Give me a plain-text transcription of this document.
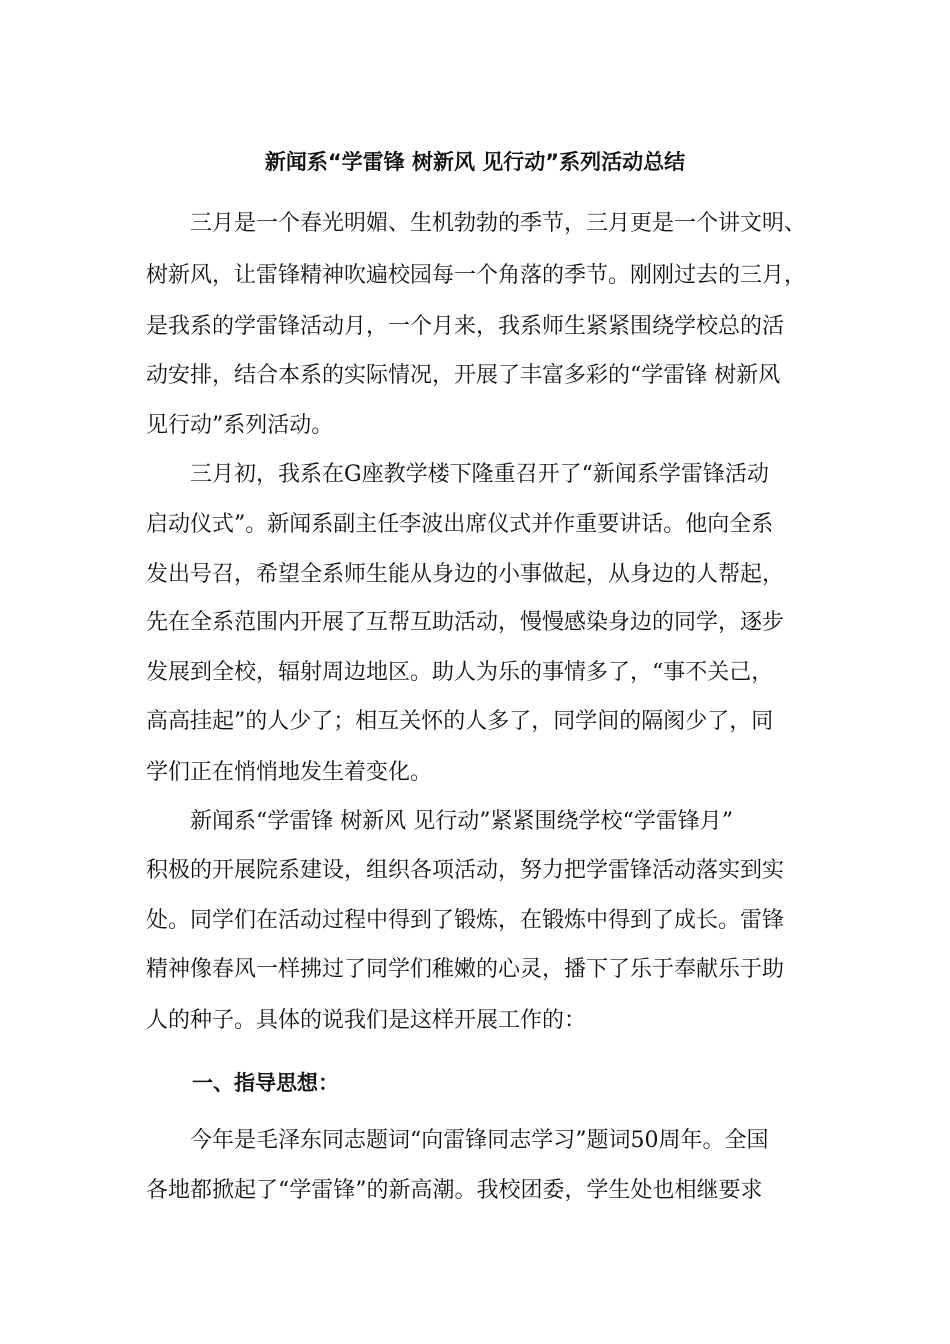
新闻系“学雷锋 树新风 见行动”系列活动总结
三月是一个春光明媚、生机勃勃的季节，三月更是一个讲文明、
树新风，让雷锋精神吹遍校园每一个角落的季节。刚刚过去的三月，
是我系的学雷锋活动月，一个月来，我系师生紧紧围绕学校总的活
动安排，结合本系的实际情况，开展了丰富多彩的“学雷锋 树新风
见行动”系列活动。
三月初，我系在G座教学楼下隆重召开了“新闻系学雷锋活动
启动仪式”。新闻系副主任李波出席仪式并作重要讲话。他向全系
发出号召，希望全系师生能从身边的小事做起，从身边的人帮起，
先在全系范围内开展了互帮互助活动，慢慢感染身边的同学，逐步
发展到全校，辐射周边地区。助人为乐的事情多了，“事不关己，
高高挂起”的人少了；相互关怀的人多了，同学间的隔阂少了，同
学们正在悄悄地发生着变化。
新闻系“学雷锋 树新风 见行动”紧紧围绕学校“学雷锋月”
积极的开展院系建设，组织各项活动，努力把学雷锋活动落实到实
处。同学们在活动过程中得到了锻炼，在锻炼中得到了成长。雷锋
精神像春风一样拂过了同学们稚嫩的心灵，播下了乐于奉献乐于助
人的种子。具体的说我们是这样开展工作的：
一、指导思想：
今年是毛泽东同志题词“向雷锋同志学习”题词50周年。全国
各地都掀起了“学雷锋”的新高潮。我校团委，学生处也相继要求
